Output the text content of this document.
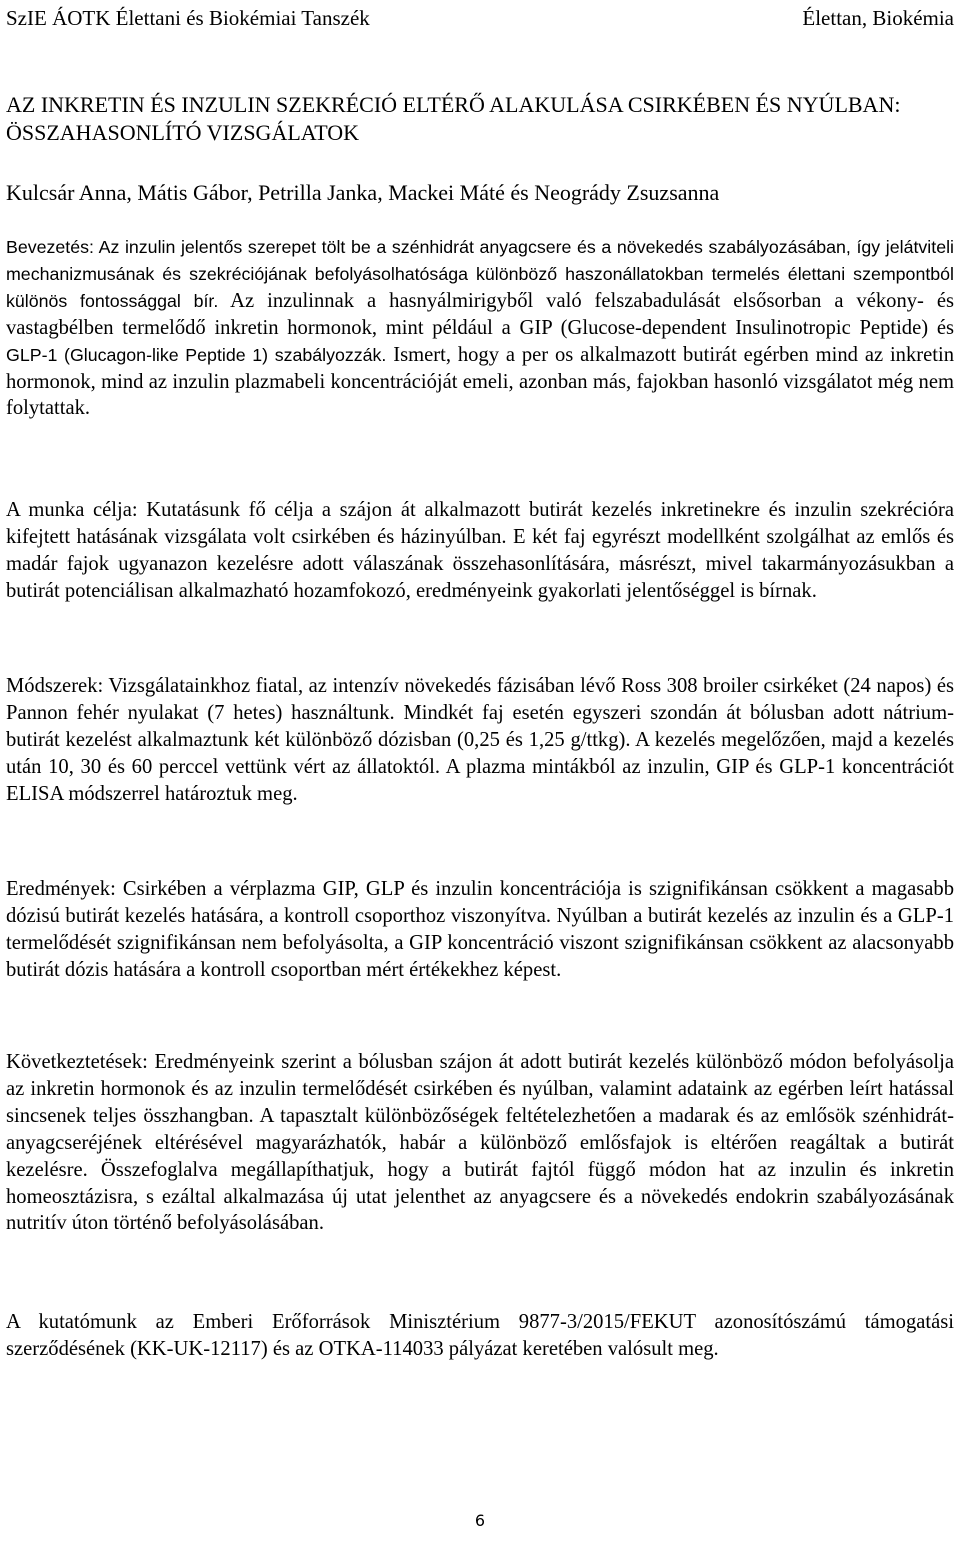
SzIE ÁOTK Élettani és Biokémiai Tanszék	Élettan, Biokémia
AZ INKRETIN ÉS INZULIN SZEKRÉCIÓ ELTÉRŐ ALAKULÁSA CSIRKÉBEN ÉS NYÚLBAN: ÖSSZAHASONLÍTÓ VIZSGÁLATOK
Kulcsár Anna, Mátis Gábor, Petrilla Janka, Mackei Máté és Neogrády Zsuzsanna
Bevezetés: Az inzulin jelentős szerepet tölt be a szénhidrát anyagcsere és a növekedés szabályozásában, így jelátviteli mechanizmusának és szekréciójának befolyásolhatósága különböző haszonállatokban termelés élettani szempontból különös fontossággal bír. Az inzulinnak a hasnyálmirigyből való felszabadulását elsősorban a vékony- és vastagbélben termelődő inkretin hormonok, mint például a GIP (Glucose-dependent Insulinotropic Peptide) és GLP-1 (Glucagon-like Peptide 1) szabályozzák. Ismert, hogy a per os alkalmazott butirát egérben mind az inkretin hormonok, mind az inzulin plazmabeli koncentrációját emeli, azonban más, fajokban hasonló vizsgálatot még nem folytattak.
A munka célja: Kutatásunk fő célja a szájon át alkalmazott butirát kezelés inkretinekre és inzulin szekrécióra kifejtett hatásának vizsgálata volt csirkében és házinyúlban. E két faj egyrészt modellként szolgálhat az emlős és madár fajok ugyanazon kezelésre adott válaszának összehasonlítására, másrészt, mivel takarmányozásukban a butirát potenciálisan alkalmazható hozamfokozó, eredményeink gyakorlati jelentőséggel is bírnak.
Módszerek: Vizsgálatainkhoz fiatal, az intenzív növekedés fázisában lévő Ross 308 broiler csirkéket (24 napos) és Pannon fehér nyulakat (7 hetes) használtunk. Mindkét faj esetén egyszeri szondán át bólusban adott nátrium-butirát kezelést alkalmaztunk két különböző dózisban (0,25 és 1,25 g/ttkg). A kezelés megelőzően, majd a kezelés után 10, 30 és 60 perccel vettünk vért az állatoktól. A plazma mintákból az inzulin, GIP és GLP-1 koncentrációt ELISA módszerrel határoztuk meg.
Eredmények: Csirkében a vérplazma GIP, GLP és inzulin koncentrációja is szignifikánsan csökkent a magasabb dózisú butirát kezelés hatására, a kontroll csoporthoz viszonyítva. Nyúlban a butirát kezelés az inzulin és a GLP-1 termelődését szignifikánsan nem befolyásolta, a GIP koncentráció viszont szignifikánsan csökkent az alacsonyabb butirát dózis hatására a kontroll csoportban mért értékekhez képest.
Következtetések: Eredményeink szerint a bólusban szájon át adott butirát kezelés különböző módon befolyásolja az inkretin hormonok és az inzulin termelődését csirkében és nyúlban, valamint adataink az egérben leírt hatással sincsenek teljes összhangban. A tapasztalt különbözőségek feltételezhetően a madarak és az emlősök szénhidrát-anyagcseréjének eltérésével magyarázhatók, habár a különböző emlősfajok is eltérően reagáltak a butirát kezelésre. Összefoglalva megállapíthatjuk, hogy a butirát fajtól függő módon hat az inzulin és inkretin homeosztázisra, s ezáltal alkalmazása új utat jelenthet az anyagcsere és a növekedés endokrin szabályozásának nutritív úton történő befolyásolásában.
A kutatómunk az Emberi Erőforrások Minisztérium 9877-3/2015/FEKUT azonosítószámú támogatási szerződésének (KK-UK-12117) és az OTKA-114033 pályázat keretében valósult meg.
6
